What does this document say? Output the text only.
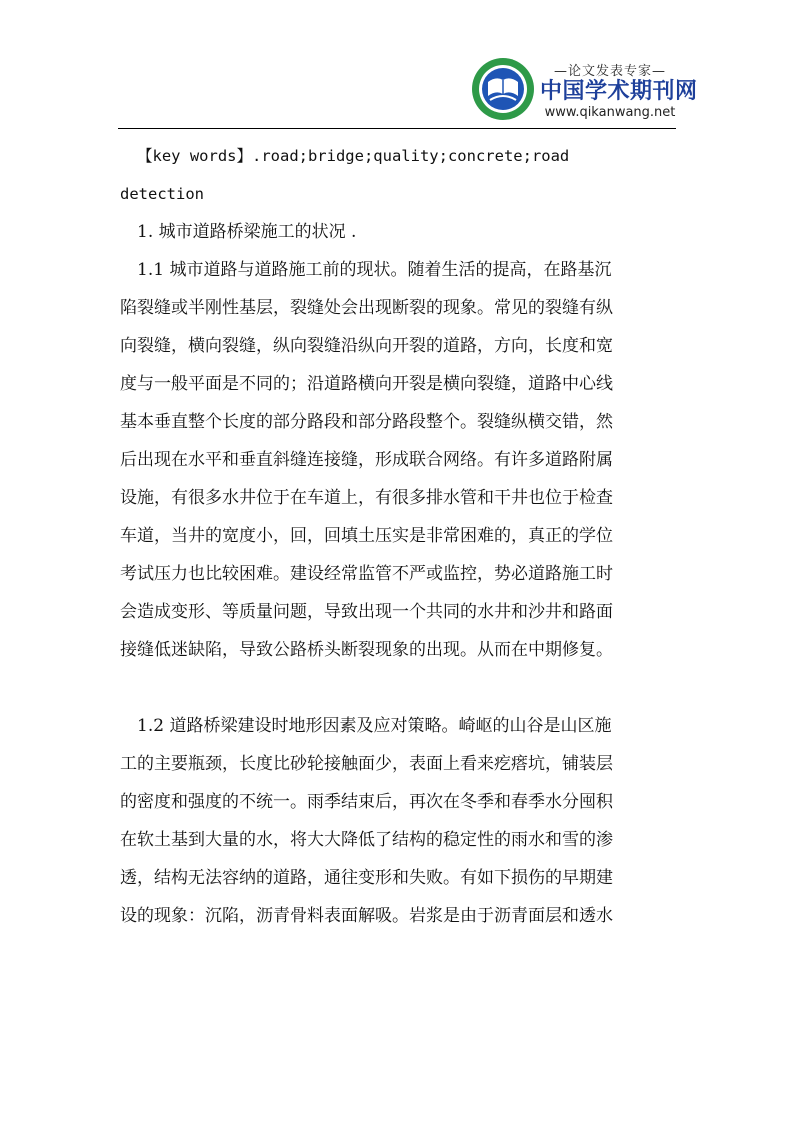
—论文发表专家—
中国学术期刊网
www.qikanwang.net
【key words】.road;bridge;quality;concrete;road
detection
1. 城市道路桥梁施工的状况 .
1.1 城市道路与道路施工前的现状。随着生活的提高，在路基沉
陷裂缝或半刚性基层，裂缝处会出现断裂的现象。常见的裂缝有纵
向裂缝，横向裂缝，纵向裂缝沿纵向开裂的道路，方向，长度和宽
度与一般平面是不同的；沿道路横向开裂是横向裂缝，道路中心线
基本垂直整个长度的部分路段和部分路段整个。裂缝纵横交错，然
后出现在水平和垂直斜缝连接缝，形成联合网络。有许多道路附属
设施，有很多水井位于在车道上，有很多排水管和干井也位于检查
车道，当井的宽度小，回，回填土压实是非常困难的，真正的学位
考试压力也比较困难。建设经常监管不严或监控，势必道路施工时
会造成变形、等质量问题，导致出现一个共同的水井和沙井和路面
接缝低迷缺陷，导致公路桥头断裂现象的出现。从而在中期修复。
1.2 道路桥梁建设时地形因素及应对策略。崎岖的山谷是山区施
工的主要瓶颈，长度比砂轮接触面少，表面上看来疙瘩坑，铺装层
的密度和强度的不统一。雨季结束后，再次在冬季和春季水分囤积
在软土基到大量的水，将大大降低了结构的稳定性的雨水和雪的渗
透，结构无法容纳的道路，通往变形和失败。有如下损伤的早期建
设的现象：沉陷，沥青骨料表面解吸。岩浆是由于沥青面层和透水
